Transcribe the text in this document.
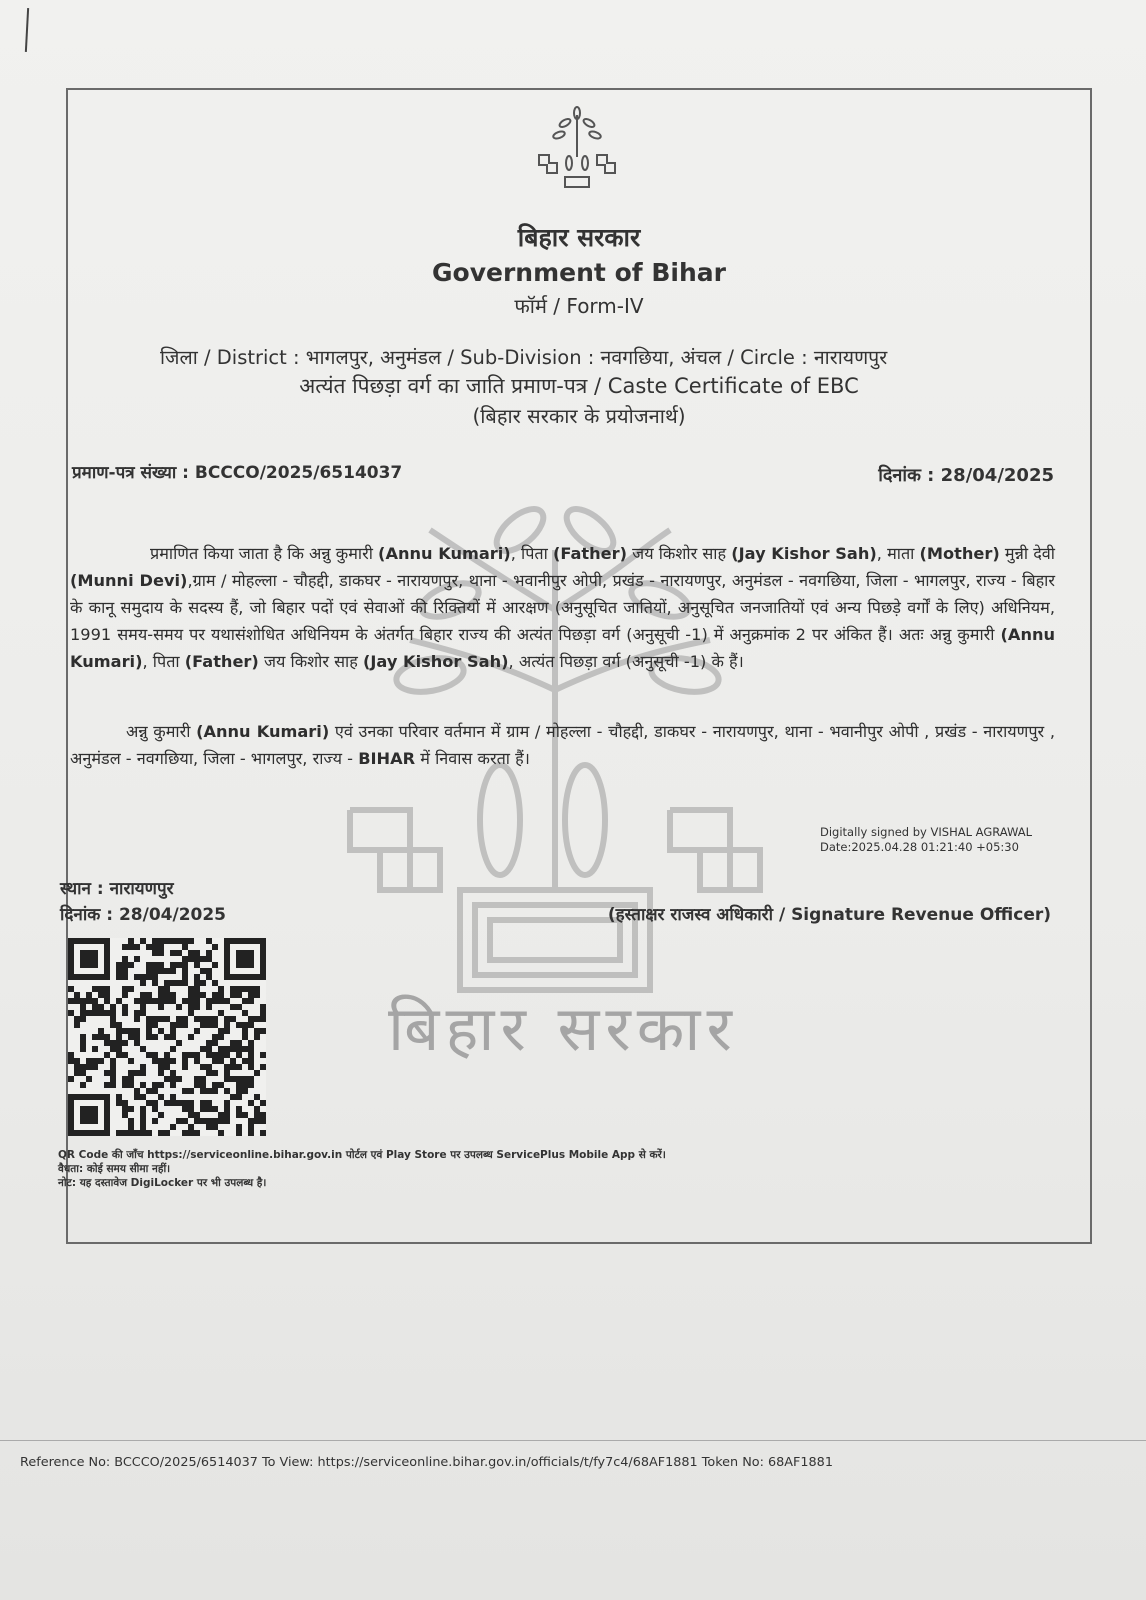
बिहार सरकार
बिहार सरकार
Government of Bihar
फॉर्म / Form-IV
जिला / District : भागलपुर, अनुमंडल / Sub-Division : नवगछिया, अंचल / Circle : नारायणपुर
अत्यंत पिछड़ा वर्ग का जाति प्रमाण-पत्र / Caste Certificate of EBC
(बिहार सरकार के प्रयोजनार्थ)
प्रमाण-पत्र संख्या : BCCCO/2025/6514037	दिनांक : 28/04/2025
प्रमाणित किया जाता है कि अन्नु कुमारी (Annu Kumari), पिता (Father) जय किशोर साह (Jay Kishor Sah), माता (Mother) मुन्नी देवी (Munni Devi),ग्राम / मोहल्ला - चौहद्दी, डाकघर - नारायणपुर, थाना - भवानीपुर ओपी, प्रखंड - नारायणपुर, अनुमंडल - नवगछिया, जिला - भागलपुर, राज्य - बिहार के कानू समुदाय के सदस्य हैं, जो बिहार पदों एवं सेवाओं की रिक्तियों में आरक्षण (अनुसूचित जातियों, अनुसूचित जनजातियों एवं अन्य पिछड़े वर्गों के लिए) अधिनियम, 1991 समय-समय पर यथासंशोधित अधिनियम के अंतर्गत बिहार राज्य की अत्यंत पिछड़ा वर्ग (अनुसूची -1) में अनुक्रमांक 2 पर अंकित हैं। अतः अन्नु कुमारी (Annu Kumari), पिता (Father) जय किशोर साह (Jay Kishor Sah), अत्यंत पिछड़ा वर्ग (अनुसूची -1) के हैं।
अन्नु कुमारी (Annu Kumari) एवं उनका परिवार वर्तमान में ग्राम / मोहल्ला - चौहद्दी, डाकघर - नारायणपुर, थाना - भवानीपुर ओपी , प्रखंड - नारायणपुर , अनुमंडल - नवगछिया, जिला - भागलपुर, राज्य - BIHAR में निवास करता हैं।
Digitally signed by VISHAL AGRAWAL
Date:2025.04.28 01:21:40 +05:30
स्थान : नारायणपुर
दिनांक : 28/04/2025	(हस्ताक्षर राजस्व अधिकारी / Signature Revenue Officer)
QR Code की जाँच https://serviceonline.bihar.gov.in पोर्टल एवं Play Store पर उपलब्ध ServicePlus Mobile App से करें।
वैधता: कोई समय सीमा नहीं।
नोट: यह दस्तावेज DigiLocker पर भी उपलब्ध है।
Reference No: BCCCO/2025/6514037 To View: https://serviceonline.bihar.gov.in/officials/t/fy7c4/68AF1881 Token No: 68AF1881
